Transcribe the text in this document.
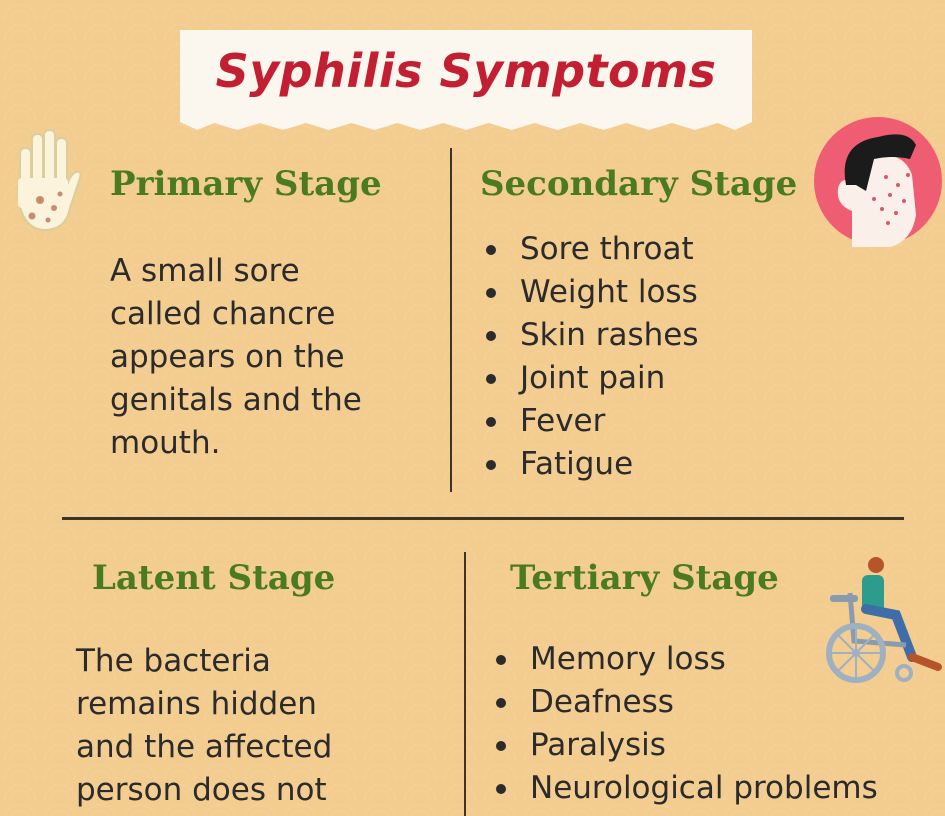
Syphilis Symptoms
Primary Stage

A small sore
called chancre
appears on the
genitals and the
mouth.

Secondary Stage
Sore throat
Weight loss
Skin rashes
Joint pain
Fever
Fatigue
Latent Stage

The bacteria
remains hidden
and the affected
person does not

Tertiary Stage
Memory loss
Deafness
Paralysis
Neurological problems
